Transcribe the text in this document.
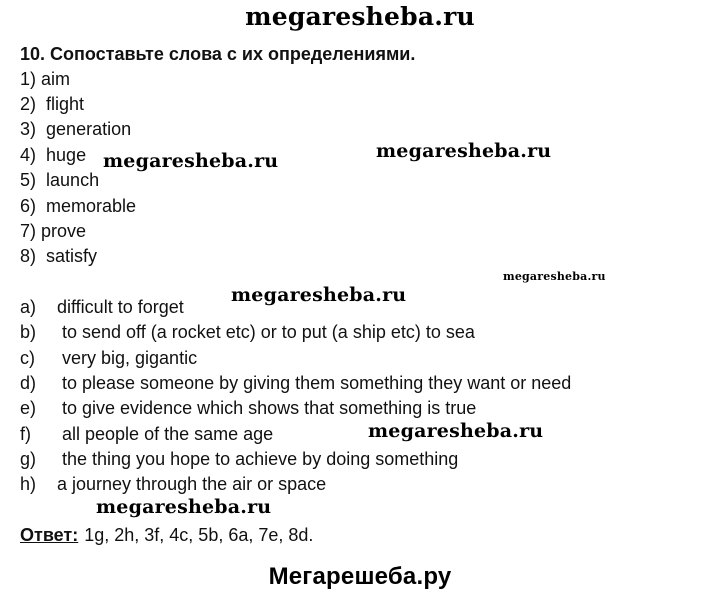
megaresheba.ru
megaresheba.ru	megaresheba.ru
megaresheba.ru
megaresheba.ru
megaresheba.ru
megaresheba.ru
10. Сопоставьте слова с их определениями.
1) aim
2) flight
3) generation
4) huge
5) launch
6) memorable
7) prove
8) satisfy
a) difficult to forget
b) to send off (a rocket etc) or to put (a ship etc) to sea
c) very big, gigantic
d) to please someone by giving them something they want or need
e) to give evidence which shows that something is true
f) all people of the same age
g) the thing you hope to achieve by doing something
h) a journey through the air or space
Ответ: 1g, 2h, 3f, 4c, 5b, 6a, 7e, 8d.
Мегарешеба.ру
